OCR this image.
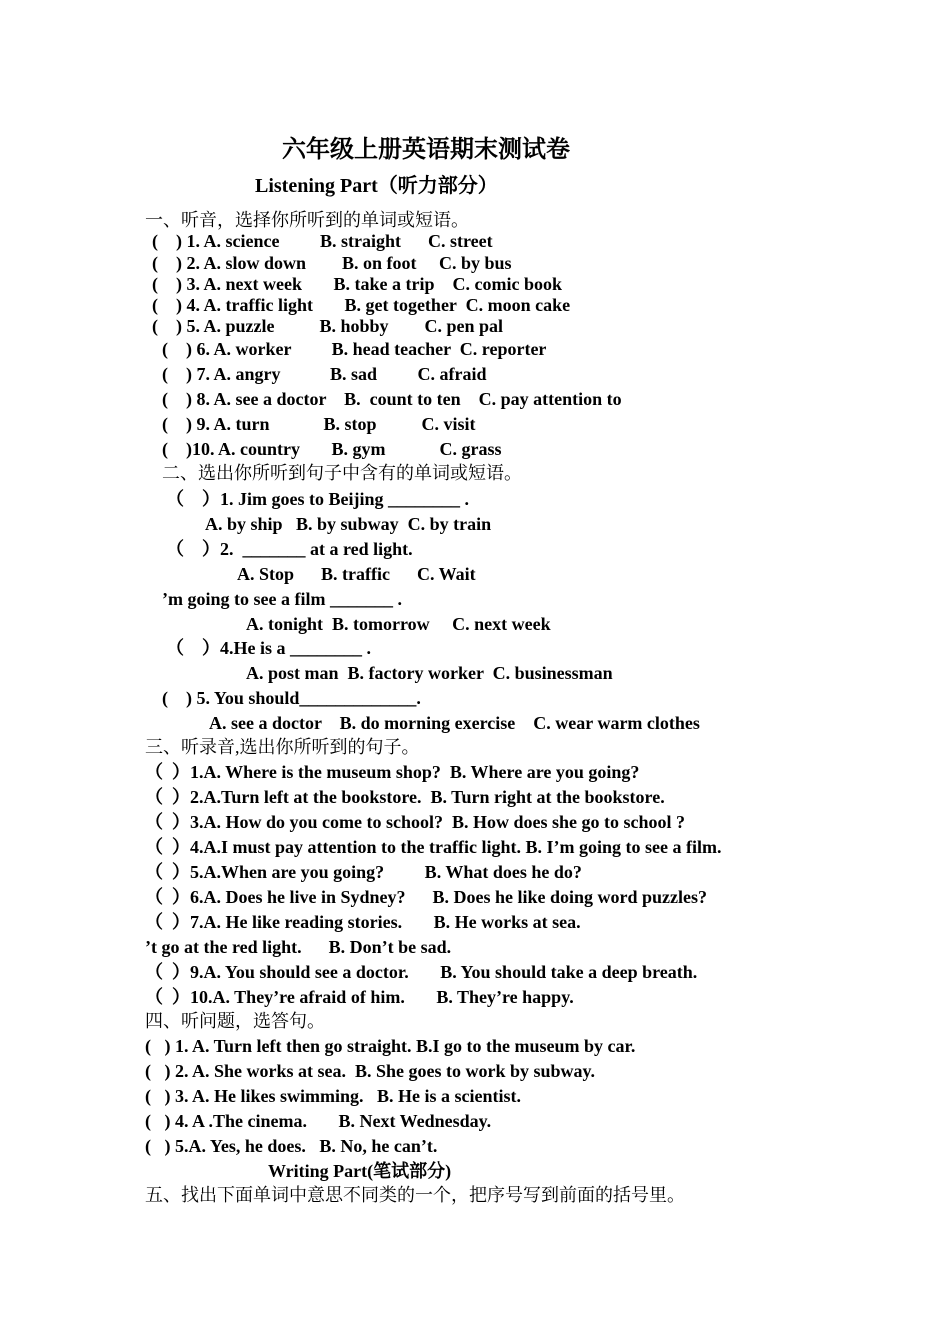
六年级上册英语期末测试卷
Listening Part（听力部分）
一、听音，选择你所听到的单词或短语。
(    ) 1. A. science         B. straight      C. street
(    ) 2. A. slow down        B. on foot     C. by bus
(    ) 3. A. next week       B. take a trip    C. comic book
(    ) 4. A. traffic light       B. get together  C. moon cake
(    ) 5. A. puzzle          B. hobby        C. pen pal
(    ) 6. A. worker         B. head teacher  C. reporter
(    ) 7. A. angry           B. sad         C. afraid
(    ) 8. A. see a doctor    B.  count to ten    C. pay attention to
(    ) 9. A. turn            B. stop          C. visit
(    )10. A. country       B. gym            C. grass
二、选出你所听到句子中含有的单词或短语。
（    ）1. Jim goes to Beijing ________ .
A. by ship   B. by subway  C. by train
（    ）2.  _______ at a red light.
A. Stop      B. traffic      C. Wait
’m going to see a film _______ .
A. tonight  B. tomorrow     C. next week
（    ）4.He is a ________ .
A. post man  B. factory worker  C. businessman
(    ) 5. You should_____________.
A. see a doctor    B. do morning exercise    C. wear warm clothes
三、听录音,选出你所听到的句子。
（  ）1.A. Where is the museum shop?  B. Where are you going?
（  ）2.A.Turn left at the bookstore.  B. Turn right at the bookstore.
（  ）3.A. How do you come to school?  B. How does she go to school ?
（  ）4.A.I must pay attention to the traffic light. B. I’m going to see a film.
（  ）5.A.When are you going?         B. What does he do?
（  ）6.A. Does he live in Sydney?      B. Does he like doing word puzzles?
（  ）7.A. He like reading stories.       B. He works at sea.
’t go at the red light.      B. Don’t be sad.
（  ）9.A. You should see a doctor.       B. You should take a deep breath.
（  ）10.A. They’re afraid of him.       B. They’re happy.
四、听问题，选答句。
(   ) 1. A. Turn left then go straight. B.I go to the museum by car.
(   ) 2. A. She works at sea.  B. She goes to work by subway.
(   ) 3. A. He likes swimming.   B. He is a scientist.
(   ) 4. A .The cinema.       B. Next Wednesday.
(   ) 5.A. Yes, he does.   B. No, he can’t.
Writing Part(笔试部分)
五、找出下面单词中意思不同类的一个，把序号写到前面的括号里。
